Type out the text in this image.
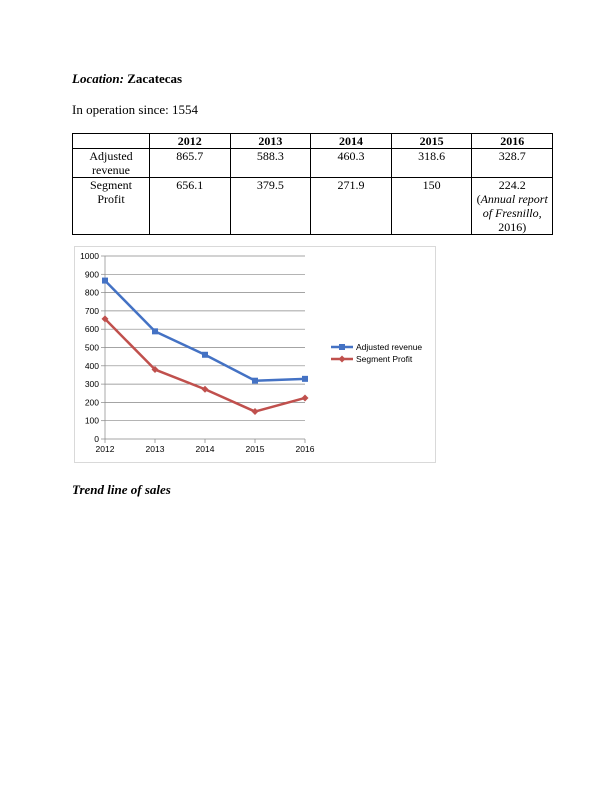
Location: Zacatecas
In operation since: 1554
	2012	2013	2014	2015	2016
Adjusted revenue	865.7	588.3	460.3	318.6	328.7
Segment Profit	656.1	379.5	271.9	150	224.2
(Annual report of Fresnillo,
2016)
0
100
200
300
400
500
600
700
800
900
1000
2012	2013	2014	2015	2016
Adjusted revenue
Segment Profit
Trend line of sales
